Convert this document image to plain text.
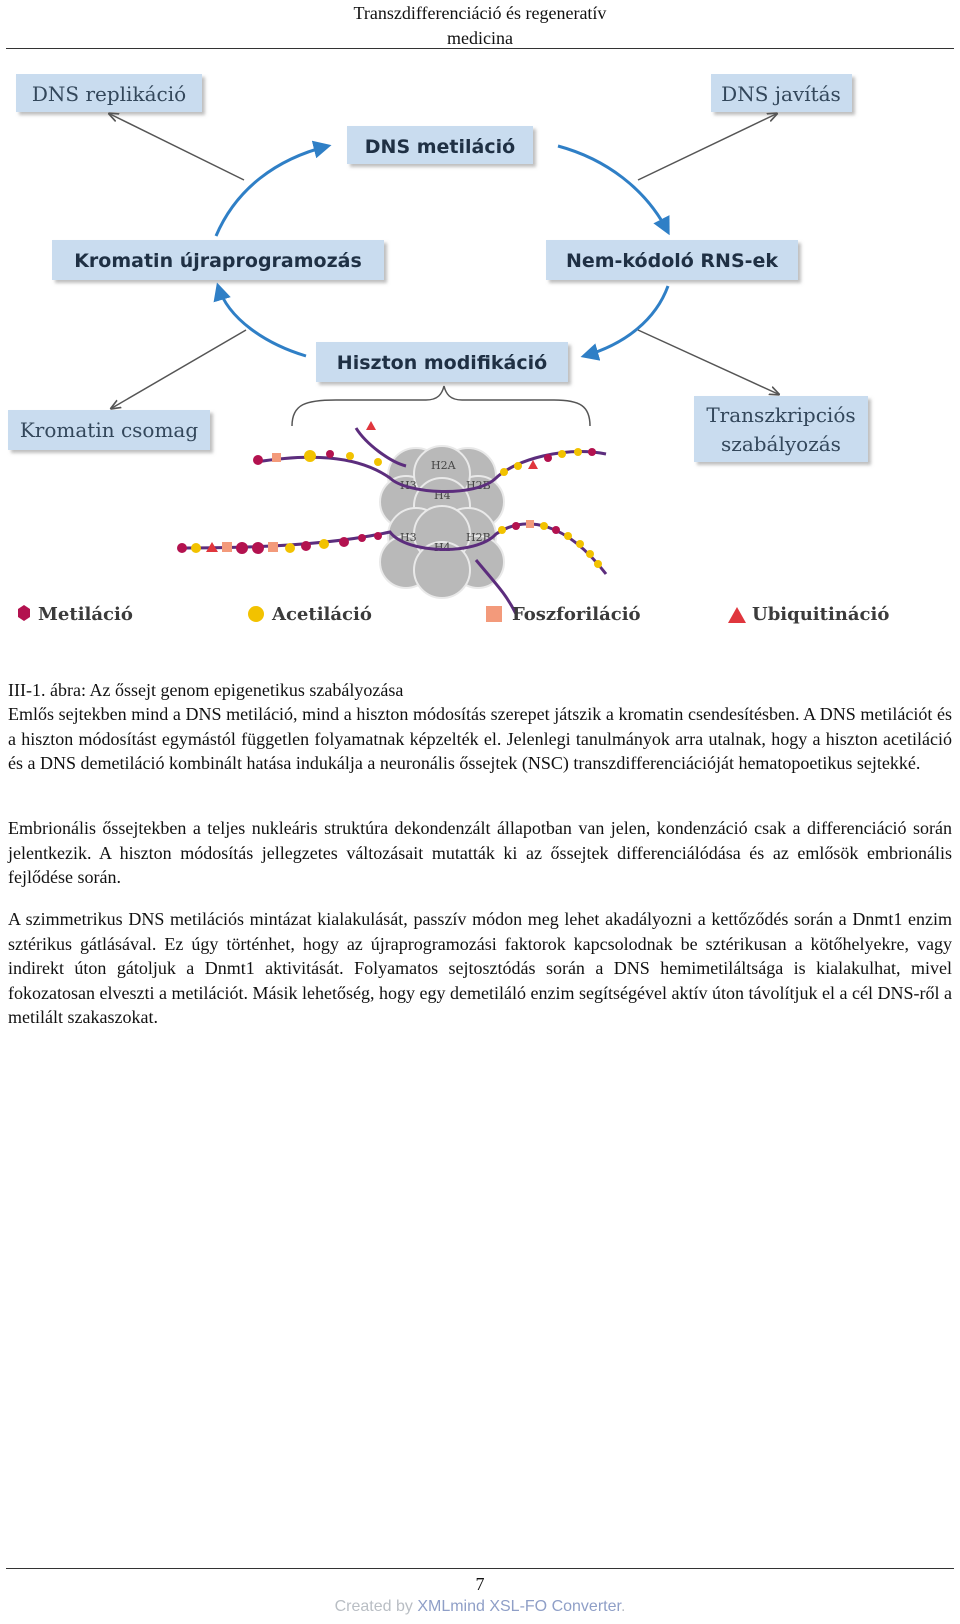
Transzdifferenciáció és regeneratív
medicina
DNS replikáció
DNS metiláció
DNS javítás
Kromatin újraprogramozás	Nem-kódoló RNS-ek
Hiszton modifikáció
Kromatin csomag
Transzkripciós
szabályozás
H2A
H3
H4
H2B
H3
H4
H2B
Metiláció	Acetiláció	Foszforiláció	Ubiquitináció
III-1. ábra: Az őssejt genom epigenetikus szabályozása

Emlős sejtekben mind a DNS metiláció, mind a hiszton módosítás szerepet játszik a kromatin csendesítésben. A DNS metilációt és a hiszton módosítást egymástól független folyamatnak képzelték el. Jelenlegi tanulmányok arra utalnak, hogy a hiszton acetiláció és a DNS demetiláció kombinált hatása indukálja a neuronális őssejtek (NSC) transzdifferenciációját hematopoetikus sejtekké.

Embrionális őssejtekben a teljes nukleáris struktúra dekondenzált állapotban van jelen, kondenzáció csak a differenciáció során jelentkezik. A hiszton módosítás jellegzetes változásait mutatták ki az őssejtek differenciálódása és az emlősök embrionális fejlődése során.

A szimmetrikus DNS metilációs mintázat kialakulását, passzív módon meg lehet akadályozni a kettőződés során a Dnmt1 enzim sztérikus gátlásával. Ez úgy történhet, hogy az újraprogramozási faktorok kapcsolodnak be sztérikusan a kötőhelyekre, vagy indirekt úton gátoljuk a Dnmt1 aktivitását. Folyamatos sejtosztódás során a DNS hemimetiláltsága is kialakulhat, mivel fokozatosan elveszti a metilációt. Másik lehetőség, hogy egy demetiláló enzim segítségével aktív úton távolítjuk el a cél DNS-ről a metilált szakaszokat.

7
Created by XMLmind XSL-FO Converter.
